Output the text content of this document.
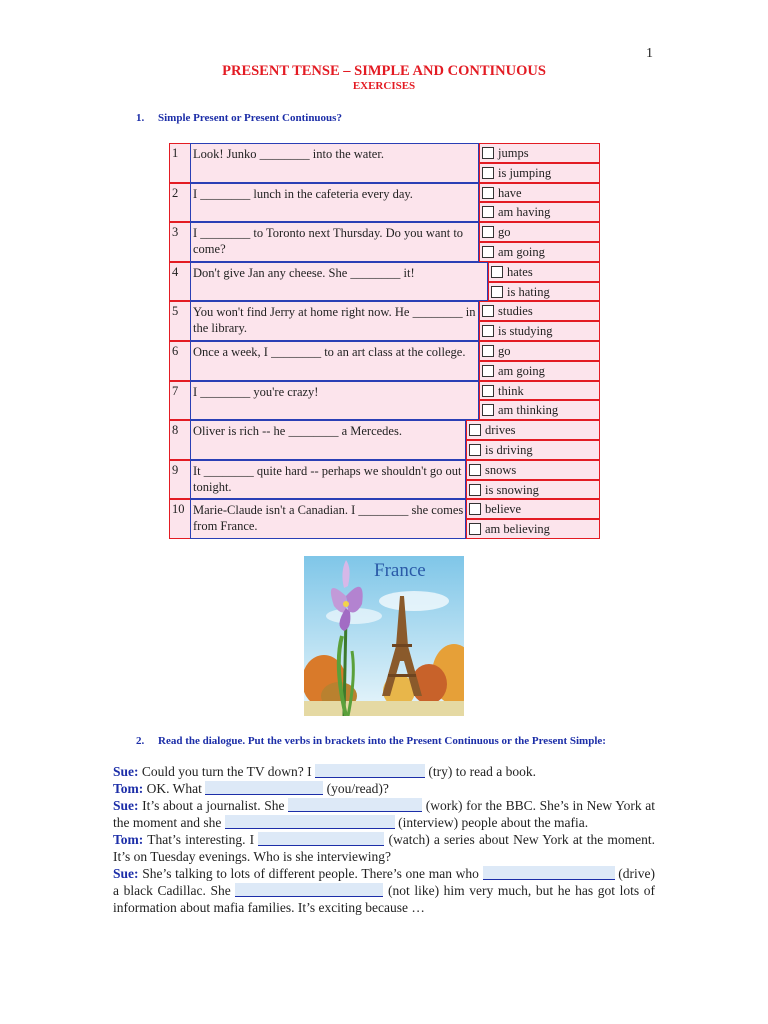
1
PRESENT TENSE – SIMPLE AND CONTINUOUS
EXERCISES
1. Simple Present or Present Continuous?
1	Look! Junko ________ into the water.	jumps
is jumping
2	I ________ lunch in the cafeteria every day.	have
am having
3	I ________ to Toronto next Thursday. Do you want to come?
go
am going
4	Don't give Jan any cheese. She ________ it!	hates
is hating
5	You won't find Jerry at home right now. He ________ in the library.
studies
is studying
6	Once a week, I ________ to an art class at the college.	go
am going
7	I ________ you're crazy!	think
am thinking
8	Oliver is rich -- he ________ a Mercedes.	drives
is driving
9	It ________ quite hard -- perhaps we shouldn't go out tonight.
snows
is snowing
10 Marie-Claude isn't a Canadian. I ________ she comes from France.
believe
am believing
France
2. Read the dialogue. Put the verbs in brackets into the Present Continuous or the Present Simple:

Sue: Could you turn the TV down? I	(try) to read a book.

Tom: OK. What	(you/read)?

Sue: It’s about a journalist. She	(work) for the BBC. She’s in New York at the moment and she	(interview) people about the mafia.

Tom: That’s interesting. I	(watch) a series about New York at the moment. It’s on Tuesday evenings. Who is she interviewing?

Sue: She’s talking to lots of different people. There’s one man who	(drive) a black Cadillac. She	(not like) him very much, but he has got lots of information about mafia families. It’s exciting because …
